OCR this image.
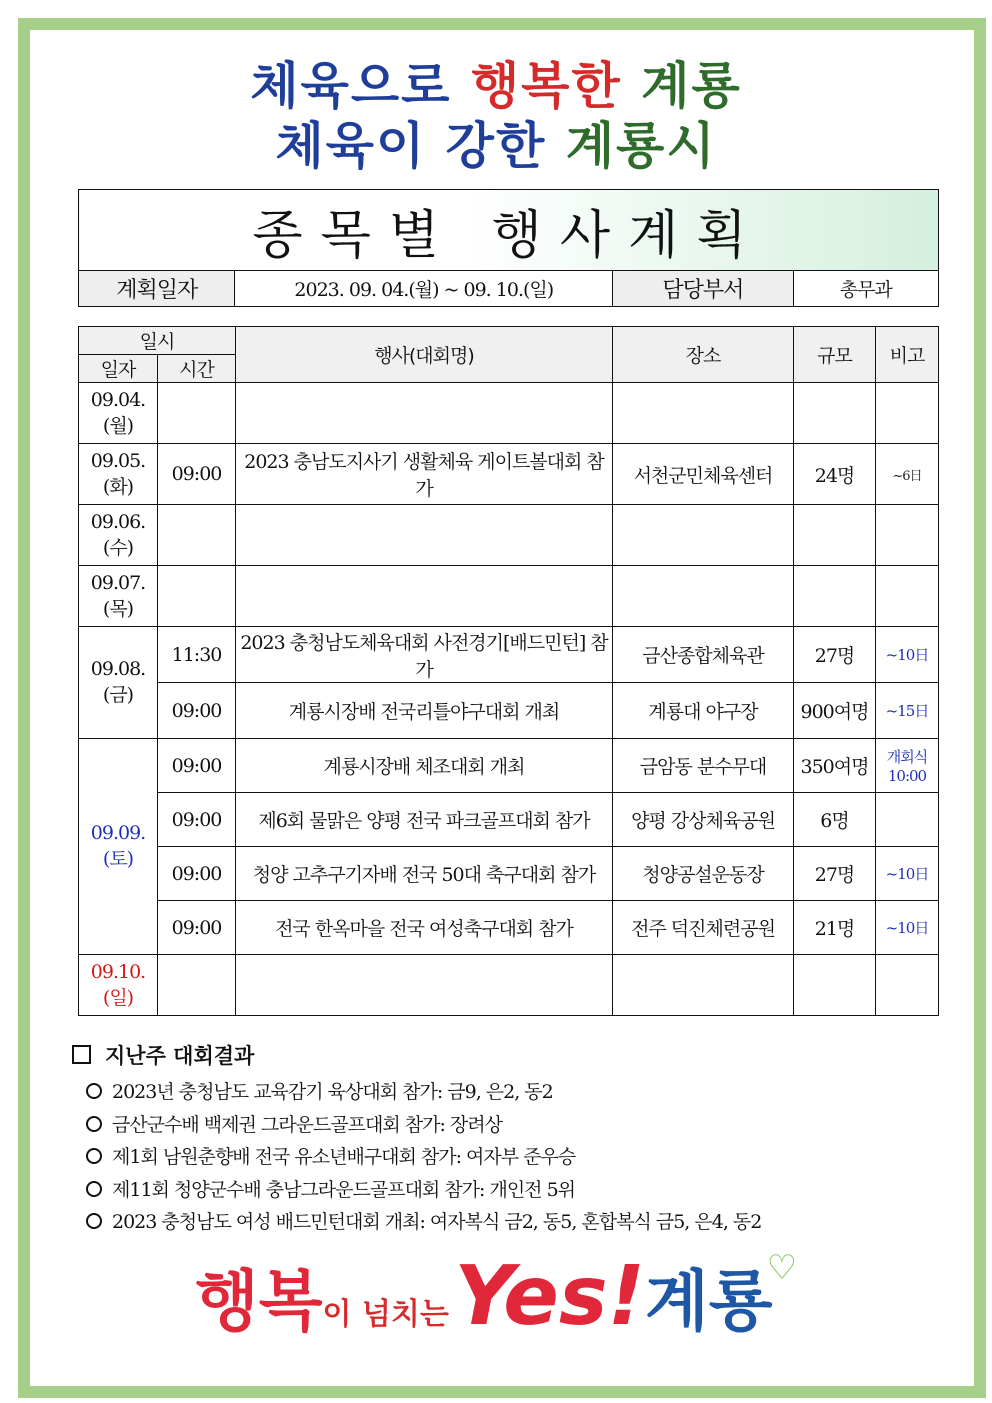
체육으로 행복한 계룡
체육이 강한 계룡시
종목별 행사계획
계획일자	2023. 09. 04.(월) ~ 09. 10.(일)	담당부서	총무과
일시		행사(대회명)	장소	규모	비고
일자	시간				

09.04.
(월)					

09.05.
(화)	09:00	2023 충남도지사기 생활체육 게이트볼대회 참가	서천군민체육센터	24명	~6日

09.06.
(수)					

09.07.
(목)					

09.08.
(금)	11:30	2023 충청남도체육대회 사전경기[배드민턴] 참가	금산종합체육관	27명	~10日
	09:00	계룡시장배 전국리틀야구대회 개최	계룡대 야구장	900여명	~15日

09.09.
(토)	09:00	계룡시장배 체조대회 개최	금암동 분수무대	350여명	개회식 10:00
	09:00	제6회 물맑은 양평 전국 파크골프대회 참가	양평 강상체육공원	6명	
	09:00	청양 고추구기자배 전국 50대 축구대회 참가	청양공설운동장	27명	~10日
	09:00	전국 한옥마을 전국 여성축구대회 참가	전주 덕진체련공원	21명	~10日

09.10.
(일)					

지난주 대회결과
2023년 충청남도 교육감기 육상대회 참가: 금9, 은2, 동2
금산군수배 백제권 그라운드골프대회 참가: 장려상
제1회 남원춘향배 전국 유소년배구대회 참가: 여자부 준우승
제11회 청양군수배 충남그라운드골프대회 참가: 개인전 5위
2023 충청남도 여성 배드민턴대회 개최: 여자복식 금2, 동5, 혼합복식 금5, 은4, 동2
행복이 넘치는 Yes!계룡♡
